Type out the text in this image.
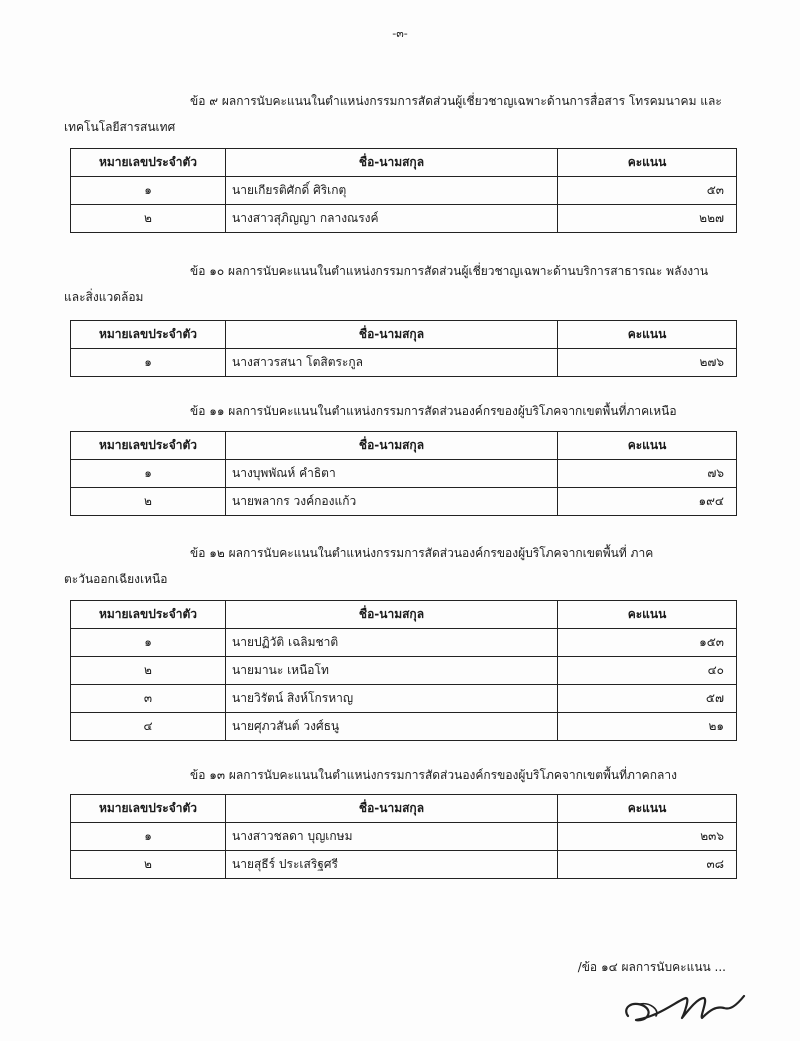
-๓-
ข้อ ๙ ผลการนับคะแนนในตำแหน่งกรรมการสัดส่วนผู้เชี่ยวชาญเฉพาะด้านการสื่อสาร โทรคมนาคม และ
เทคโนโลยีสารสนเทศ
หมายเลขประจำตัว	ชื่อ-นามสกุล	คะแนน
๑	นายเกียรติศักดิ์ ศิริเกตุ	๕๓
๒	นางสาวสุภิญญา กลางณรงค์	๒๒๗
ข้อ ๑๐ ผลการนับคะแนนในตำแหน่งกรรมการสัดส่วนผู้เชี่ยวชาญเฉพาะด้านบริการสาธารณะ พลังงาน
และสิ่งแวดล้อม
หมายเลขประจำตัว	ชื่อ-นามสกุล	คะแนน
๑	นางสาวรสนา โตสิตระกูล	๒๗๖
ข้อ ๑๑ ผลการนับคะแนนในตำแหน่งกรรมการสัดส่วนองค์กรของผู้บริโภคจากเขตพื้นที่ภาคเหนือ
หมายเลขประจำตัว	ชื่อ-นามสกุล	คะแนน
๑	นางบุพพัณห์ คำธิตา	๗๖
๒	นายพลากร วงค์กองแก้ว	๑๙๔
ข้อ ๑๒ ผลการนับคะแนนในตำแหน่งกรรมการสัดส่วนองค์กรของผู้บริโภคจากเขตพื้นที่ ภาค
ตะวันออกเฉียงเหนือ
หมายเลขประจำตัว	ชื่อ-นามสกุล	คะแนน
๑	นายปฏิวัติ เฉลิมชาติ	๑๕๓
๒	นายมานะ เหนือโท	๔๐
๓	นายวิรัตน์ สิงห์โกรหาญ	๕๗
๔	นายศุภวสันต์ วงศ์ธนู	๒๑
ข้อ ๑๓ ผลการนับคะแนนในตำแหน่งกรรมการสัดส่วนองค์กรของผู้บริโภคจากเขตพื้นที่ภาคกลาง
หมายเลขประจำตัว	ชื่อ-นามสกุล	คะแนน
๑	นางสาวชลดา บุญเกษม	๒๓๖
๒	นายสุธีร์ ประเสริฐศรี	๓๘
/ข้อ ๑๔ ผลการนับคะแนน ...
